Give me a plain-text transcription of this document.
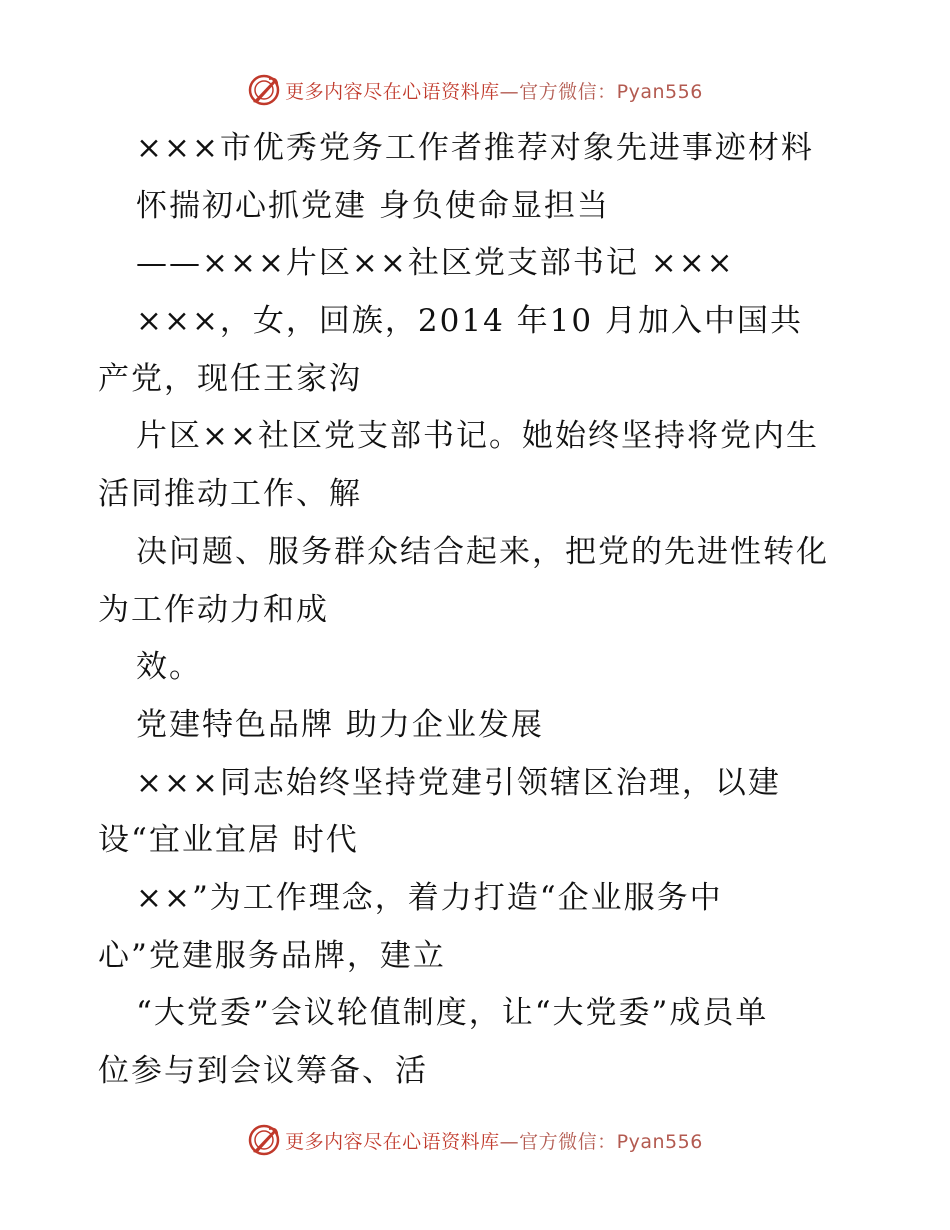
更多内容尽在心语资料库—官方微信：Pyan556
×××市优秀党务工作者推荐对象先进事迹材料
怀揣初心抓党建 身负使命显担当
——×××片区××社区党支部书记 ×××
×××，女，回族，2014 年10 月加入中国共
产党，现任王家沟
片区××社区党支部书记。她始终坚持将党内生
活同推动工作、解
决问题、服务群众结合起来，把党的先进性转化
为工作动力和成
效。
党建特色品牌 助力企业发展
×××同志始终坚持党建引领辖区治理，以建
设“宜业宜居 时代
××”为工作理念，着力打造“企业服务中
心”党建服务品牌，建立
“大党委”会议轮值制度，让“大党委”成员单
位参与到会议筹备、活
更多内容尽在心语资料库—官方微信：Pyan556
